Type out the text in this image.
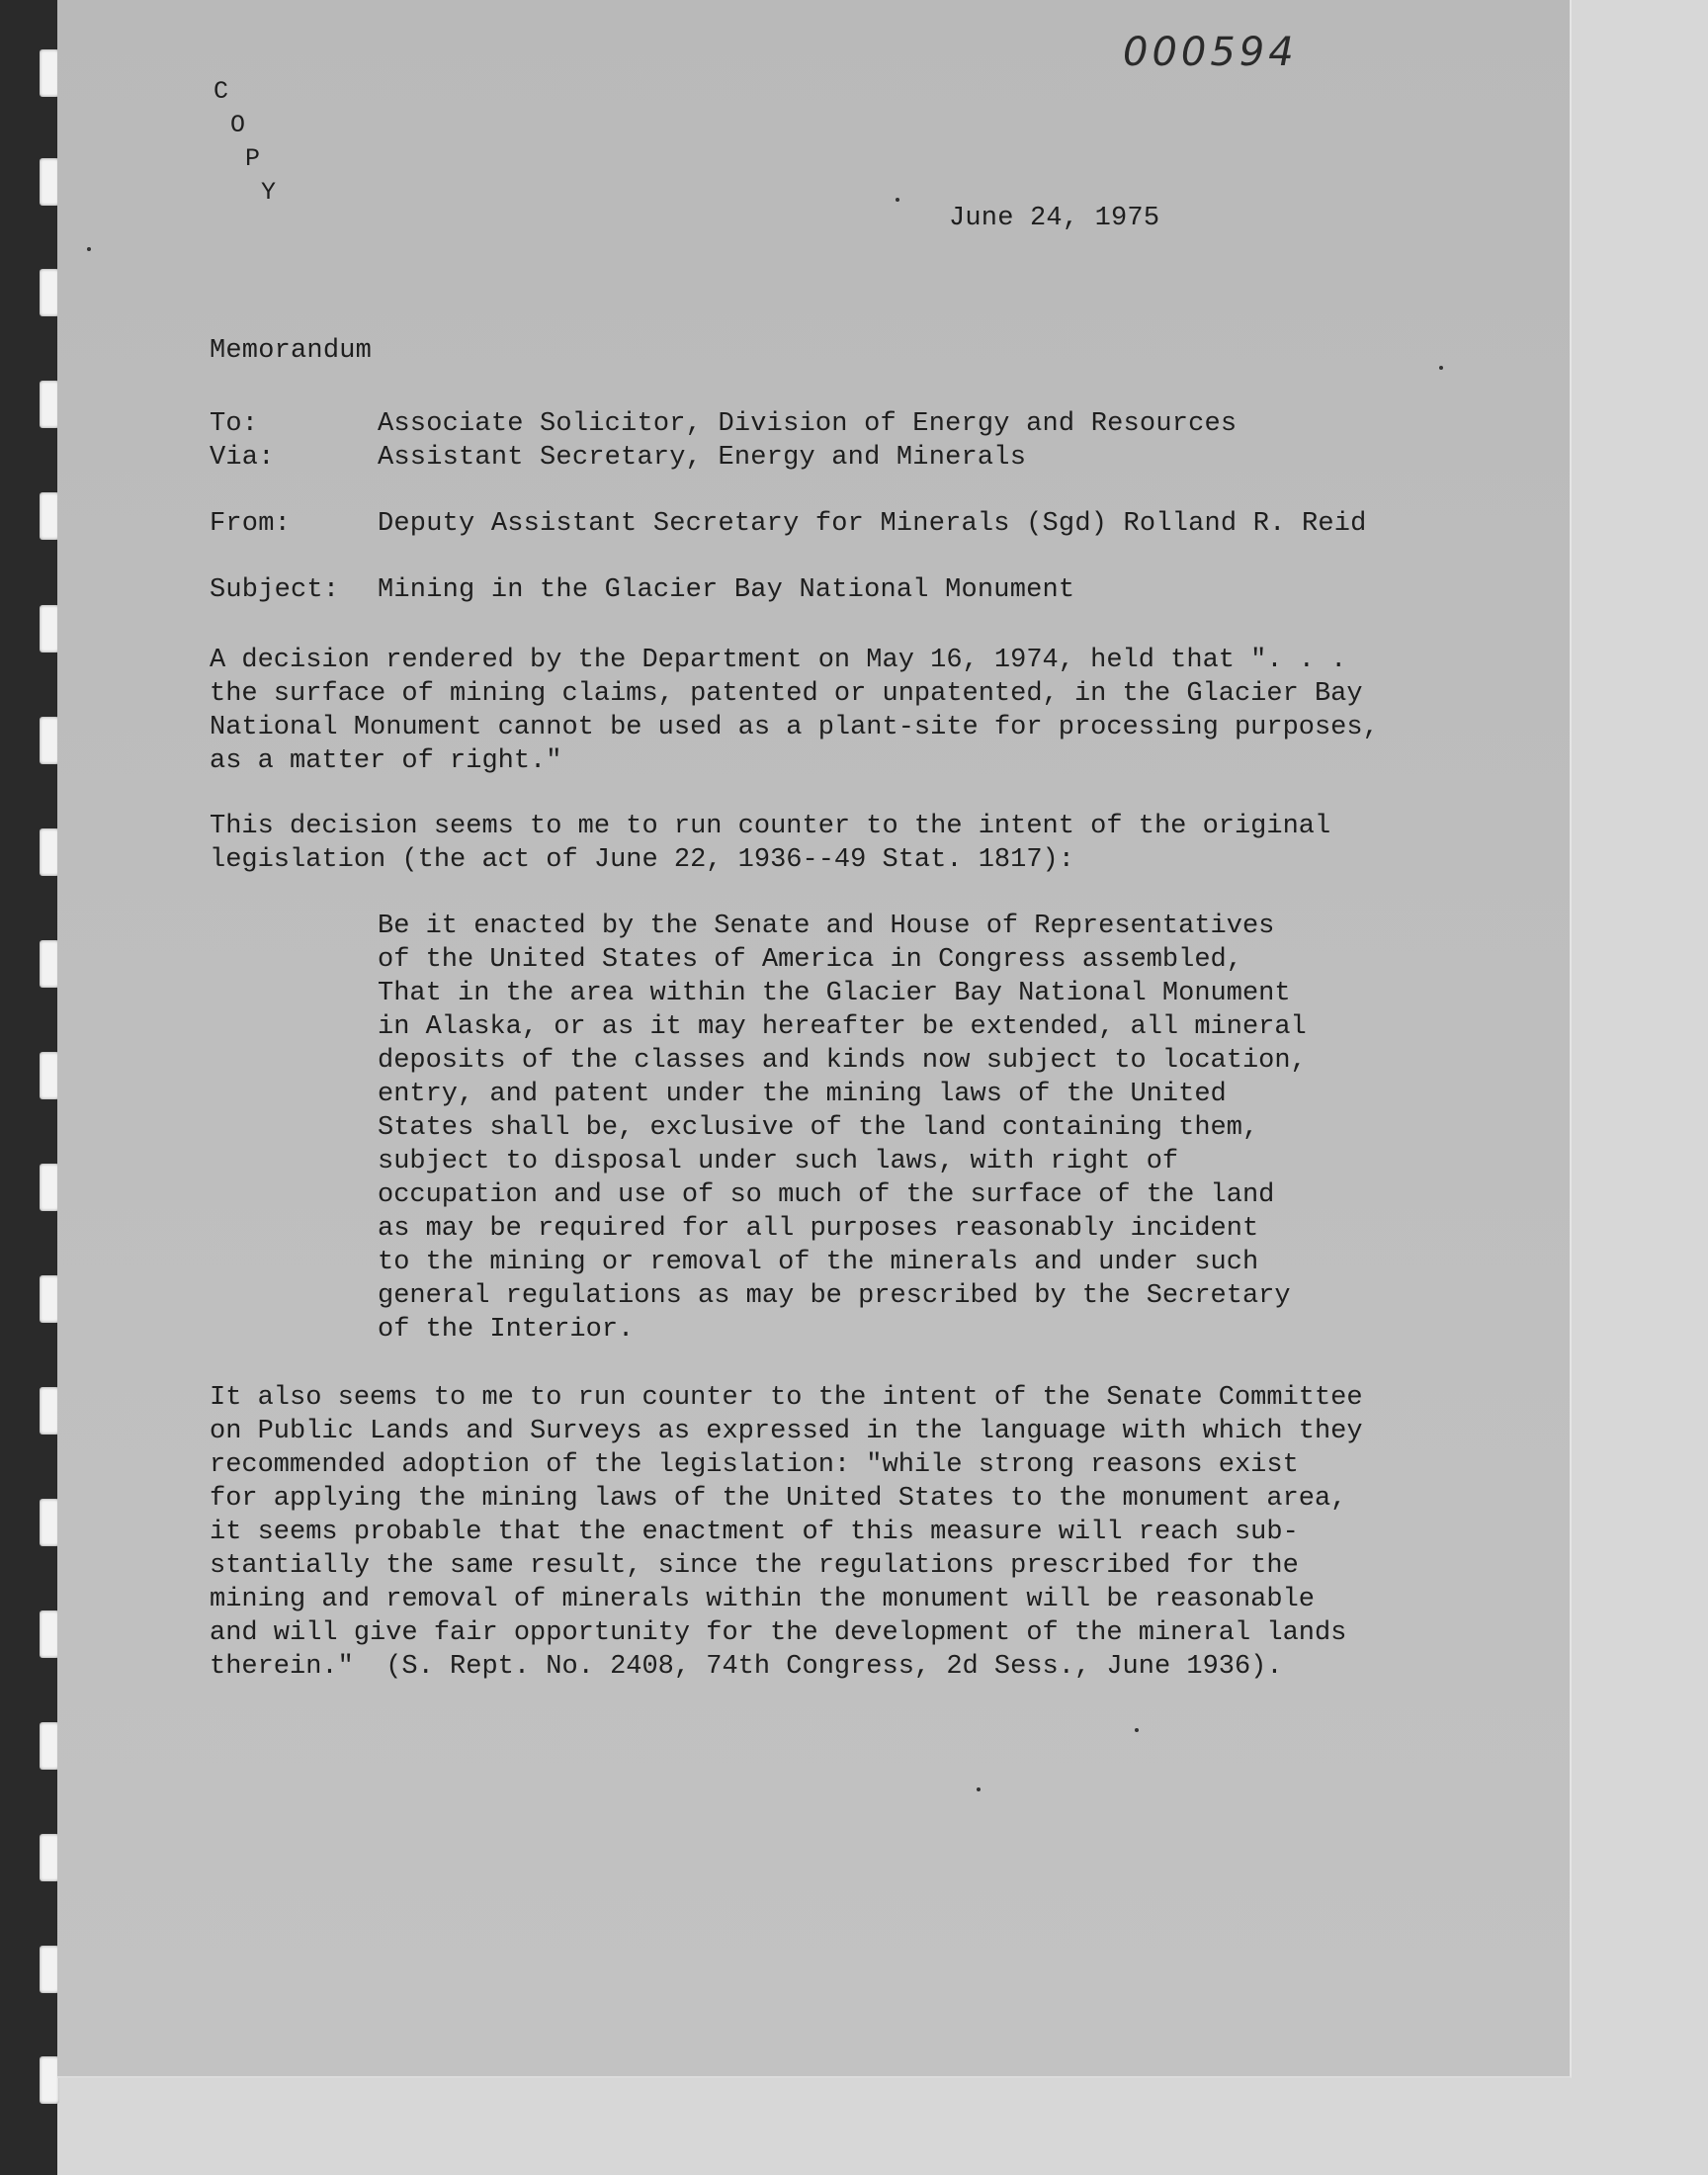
000594
C
O
P
Y
June 24, 1975
Memorandum
To:	Associate Solicitor, Division of Energy and Resources
Via:	Assistant Secretary, Energy and Minerals
From:	Deputy Assistant Secretary for Minerals (Sgd) Rolland R. Reid
Subject: Mining in the Glacier Bay National Monument

A decision rendered by the Department on May 16, 1974, held that ". . .
the surface of mining claims, patented or unpatented, in the Glacier Bay
National Monument cannot be used as a plant-site for processing purposes,
as a matter of right."

This decision seems to me to run counter to the intent of the original
legislation (the act of June 22, 1936--49 Stat. 1817):

Be it enacted by the Senate and House of Representatives
of the United States of America in Congress assembled,
That in the area within the Glacier Bay National Monument
in Alaska, or as it may hereafter be extended, all mineral
deposits of the classes and kinds now subject to location,
entry, and patent under the mining laws of the United
States shall be, exclusive of the land containing them,
subject to disposal under such laws, with right of
occupation and use of so much of the surface of the land
as may be required for all purposes reasonably incident
to the mining or removal of the minerals and under such
general regulations as may be prescribed by the Secretary
of the Interior.

It also seems to me to run counter to the intent of the Senate Committee
on Public Lands and Surveys as expressed in the language with which they
recommended adoption of the legislation: "while strong reasons exist
for applying the mining laws of the United States to the monument area,
it seems probable that the enactment of this measure will reach sub-
stantially the same result, since the regulations prescribed for the
mining and removal of minerals within the monument will be reasonable
and will give fair opportunity for the development of the mineral lands
therein."  (S. Rept. No. 2408, 74th Congress, 2d Sess., June 1936).
